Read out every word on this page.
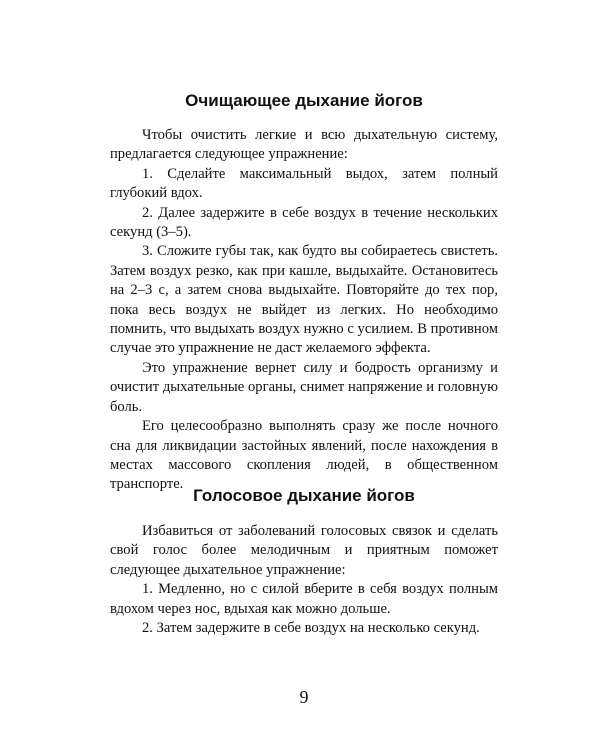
Очищающее дыхание йогов

Чтобы очистить легкие и всю дыхательную систему, предлагается следующее упражнение:

1. Сделайте максимальный выдох, затем полный глубокий вдох.

2. Далее задержите в себе воздух в течение нескольких секунд (3–5).

3. Сложите губы так, как будто вы собираетесь свистеть. Затем воздух резко, как при кашле, выдыхайте. Остановитесь на 2–3 с, а затем снова выдыхайте. Повторяйте до тех пор, пока весь воздух не выйдет из легких. Но необходимо помнить, что выдыхать воздух нужно с усилием. В противном случае это упражнение не даст желаемого эффекта.

Это упражнение вернет силу и бодрость организму и очистит дыхательные органы, снимет напряжение и головную боль.

Его целесообразно выполнять сразу же после ночного сна для ликвидации застойных явлений, после нахождения в местах массового скопления людей, в общественном транспорте.

Голосовое дыхание йогов

Избавиться от заболеваний голосовых связок и сделать свой голос более мелодичным и приятным поможет следующее дыхательное упражнение:

1. Медленно, но с силой вберите в себя воздух полным вдохом через нос, вдыхая как можно дольше.

2. Затем задержите в себе воздух на несколько секунд.

9
